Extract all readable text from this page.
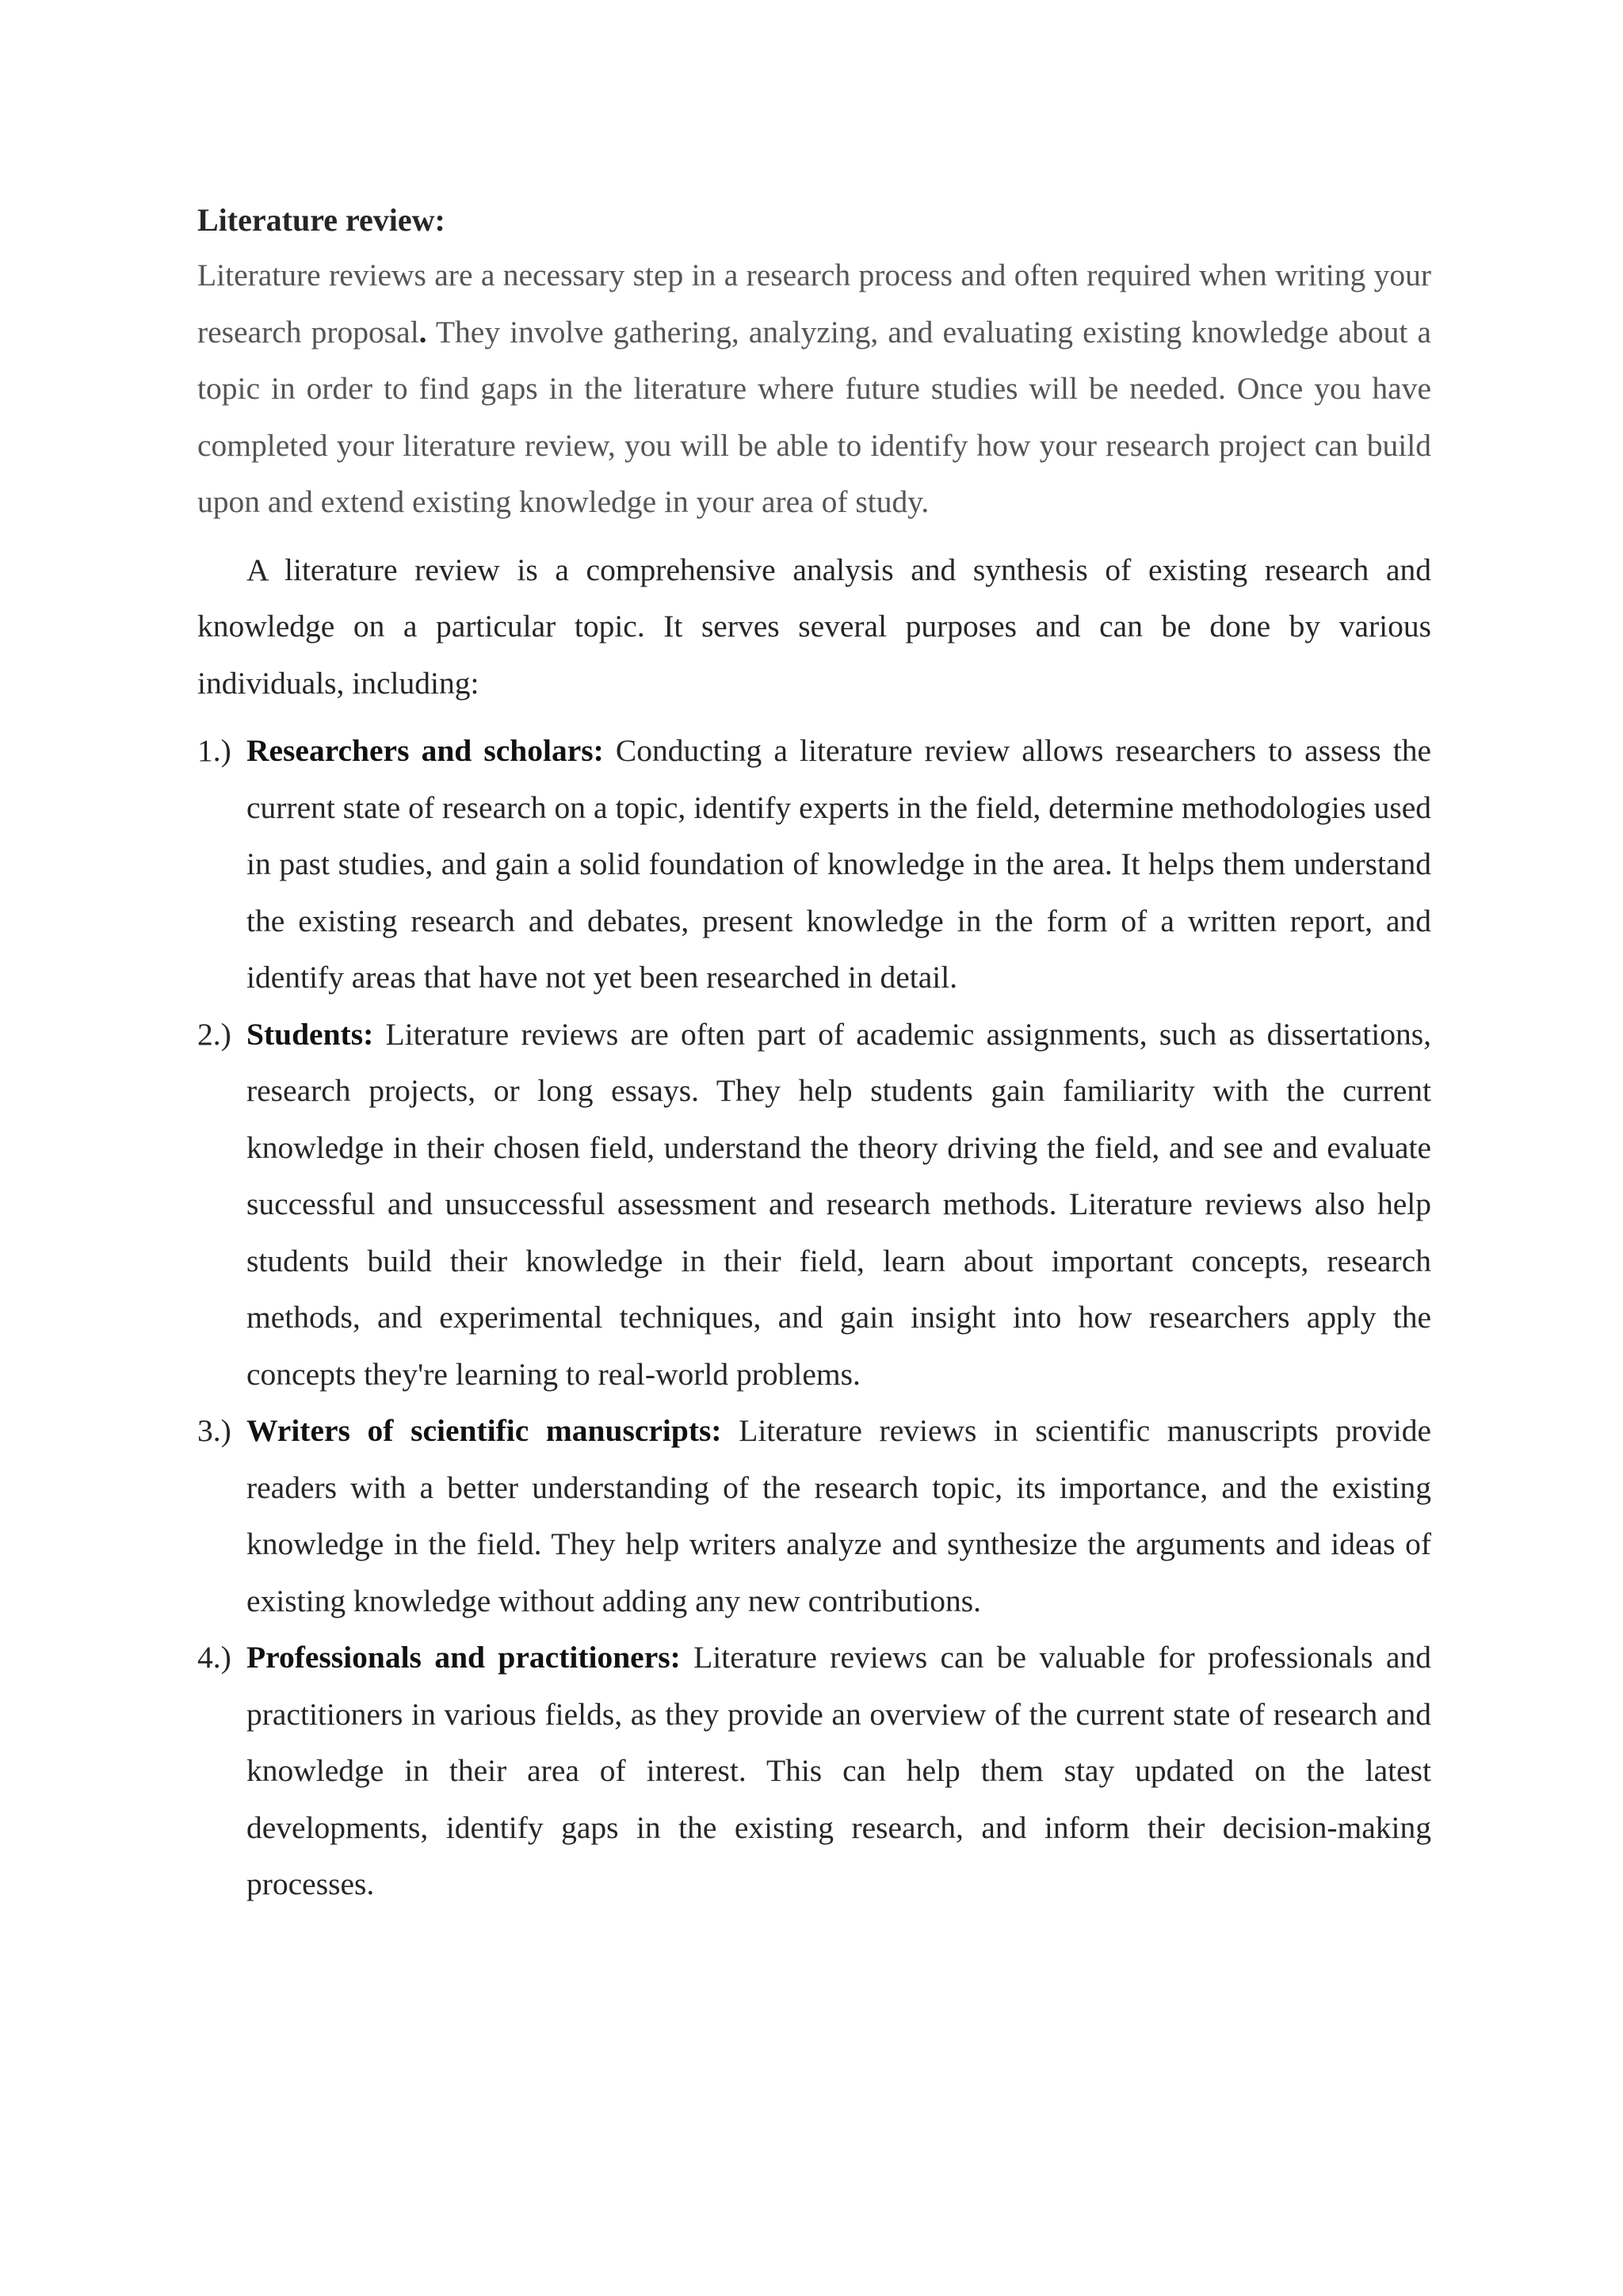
Literature review:

Literature reviews are a necessary step in a research process and often required when writing your research proposal. They involve gathering, analyzing, and evaluating existing knowledge about a topic in order to find gaps in the literature where future studies will be needed. Once you have completed your literature review, you will be able to identify how your research project can build upon and extend existing knowledge in your area of study.

A literature review is a comprehensive analysis and synthesis of existing research and knowledge on a particular topic. It serves several purposes and can be done by various individuals, including:

1.) Researchers and scholars: Conducting a literature review allows researchers to assess the current state of research on a topic, identify experts in the field, determine methodologies used in past studies, and gain a solid foundation of knowledge in the area. It helps them understand the existing research and debates, present knowledge in the form of a written report, and identify areas that have not yet been researched in detail.
2.) Students: Literature reviews are often part of academic assignments, such as dissertations, research projects, or long essays. They help students gain familiarity with the current knowledge in their chosen field, understand the theory driving the field, and see and evaluate successful and unsuccessful assessment and research methods. Literature reviews also help students build their knowledge in their field, learn about important concepts, research methods, and experimental techniques, and gain insight into how researchers apply the concepts they're learning to real-world problems.
3.) Writers of scientific manuscripts: Literature reviews in scientific manuscripts provide readers with a better understanding of the research topic, its importance, and the existing knowledge in the field. They help writers analyze and synthesize the arguments and ideas of existing knowledge without adding any new contributions.
4.) Professionals and practitioners: Literature reviews can be valuable for professionals and practitioners in various fields, as they provide an overview of the current state of research and knowledge in their area of interest. This can help them stay updated on the latest developments, identify gaps in the existing research, and inform their decision-making processes.
